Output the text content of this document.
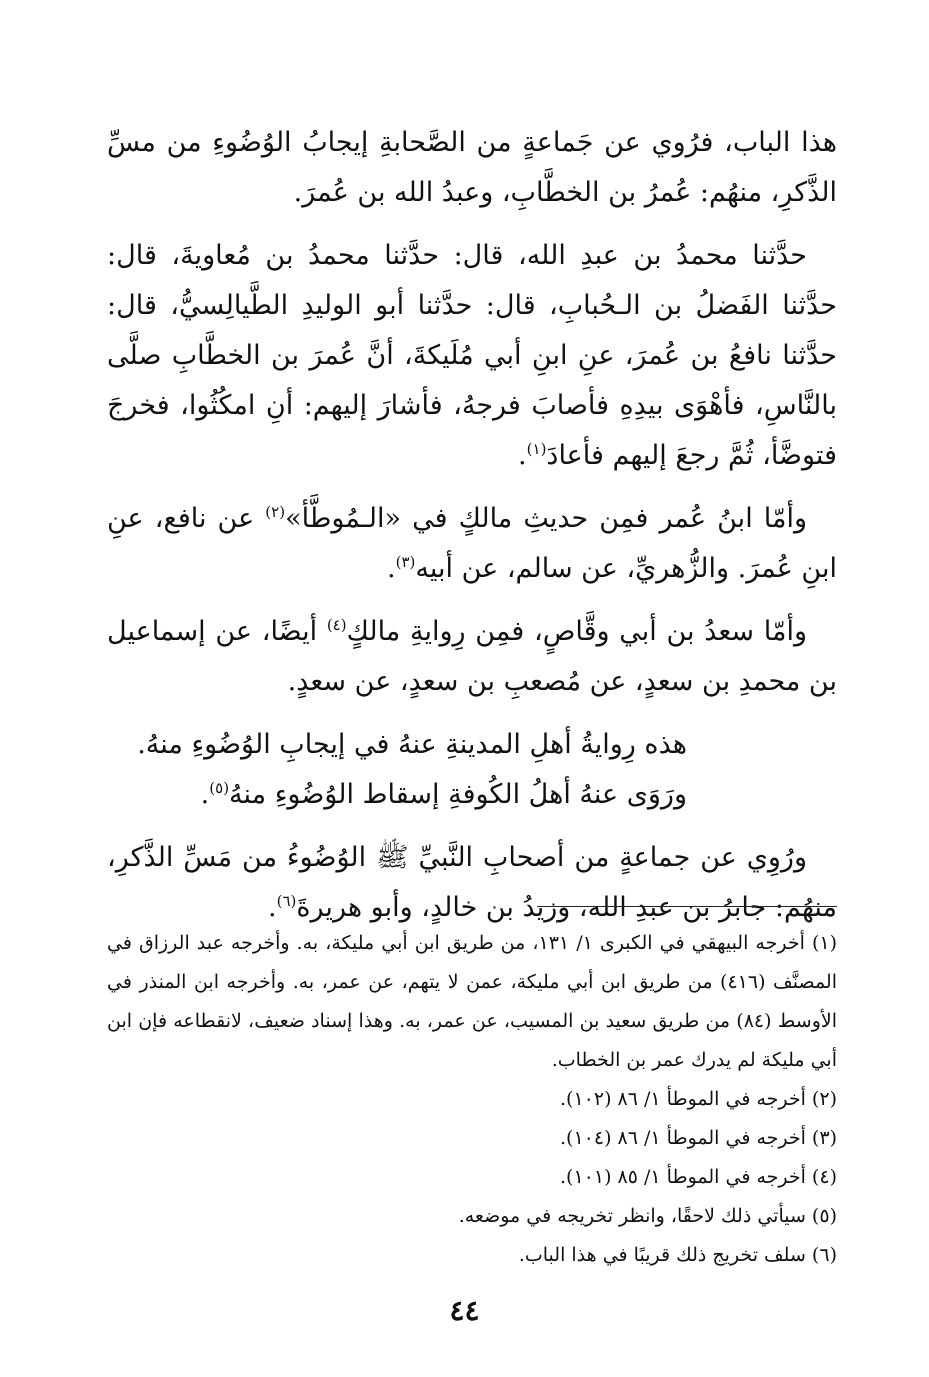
هذا الباب، فرُوي عن جَماعةٍ من الصَّحابةِ إيجابُ الوُضُوءِ من مسِّ الذَّكرِ، منهُم: عُمرُ بن الخطَّابِ، وعبدُ الله بن عُمرَ.

حدَّثنا محمدُ بن عبدِ الله، قال: حدَّثنا محمدُ بن مُعاويةَ، قال: حدَّثنا الفَضلُ بن الـحُبابِ، قال: حدَّثنا أبو الوليدِ الطَّيالِسيُّ، قال: حدَّثنا نافعُ بن عُمرَ، عنِ ابنِ أبي مُلَيكةَ، أنَّ عُمرَ بن الخطَّابِ صلَّى بالنَّاسِ، فأهْوَى بيدِهِ فأصابَ فرجهُ، فأشارَ إليهم: أنِ امكُثُوا، فخرجَ فتوضَّأ، ثُمَّ رجعَ إليهم فأعادَ$^{(١)}$.

وأمّا ابنُ عُمر فمِن حديثِ مالكٍ في «الـمُوطَّأ»$^{(٢)}$ عن نافع، عنِ ابنِ عُمرَ. والزُّهريِّ، عن سالم، عن أبيه$^{(٣)}$.

وأمّا سعدُ بن أبي وقَّاصٍ، فمِن رِوايةِ مالكٍ$^{(٤)}$ أيضًا، عن إسماعيل بن محمدِ بن سعدٍ، عن مُصعبِ بن سعدٍ، عن سعدٍ.

هذه رِوايةُ أهلِ المدينةِ عنهُ في إيجابِ الوُضُوءِ منهُ.

ورَوَى عنهُ أهلُ الكُوفةِ إسقاط الوُضُوءِ منهُ$^{(٥)}$.

ورُوِي عن جماعةٍ من أصحابِ النَّبيِّ ﷺ الوُضُوءُ من مَسِّ الذَّكرِ، منهُم: جابرُ بن عبدِ الله، وزيدُ بن خالدٍ، وأبو هريرةَ$^{(٦)}$.

(١) أخرجه البيهقي في الكبرى ١/ ١٣١، من طريق ابن أبي مليكة، به. وأخرجه عبد الرزاق في المصنَّف (٤١٦) من طريق ابن أبي مليكة، عمن لا يتهم، عن عمر، به. وأخرجه ابن المنذر في الأوسط (٨٤) من طريق سعيد بن المسيب، عن عمر، به. وهذا إسناد ضعيف، لانقطاعه فإن ابن أبي مليكة لم يدرك عمر بن الخطاب.

(٢) أخرجه في الموطأ ١/ ٨٦ (١٠٢).

(٣) أخرجه في الموطأ ١/ ٨٦ (١٠٤).

(٤) أخرجه في الموطأ ١/ ٨٥ (١٠١).

(٥) سيأتي ذلك لاحقًا، وانظر تخريجه في موضعه.

(٦) سلف تخريج ذلك قريبًا في هذا الباب.

٤٤
